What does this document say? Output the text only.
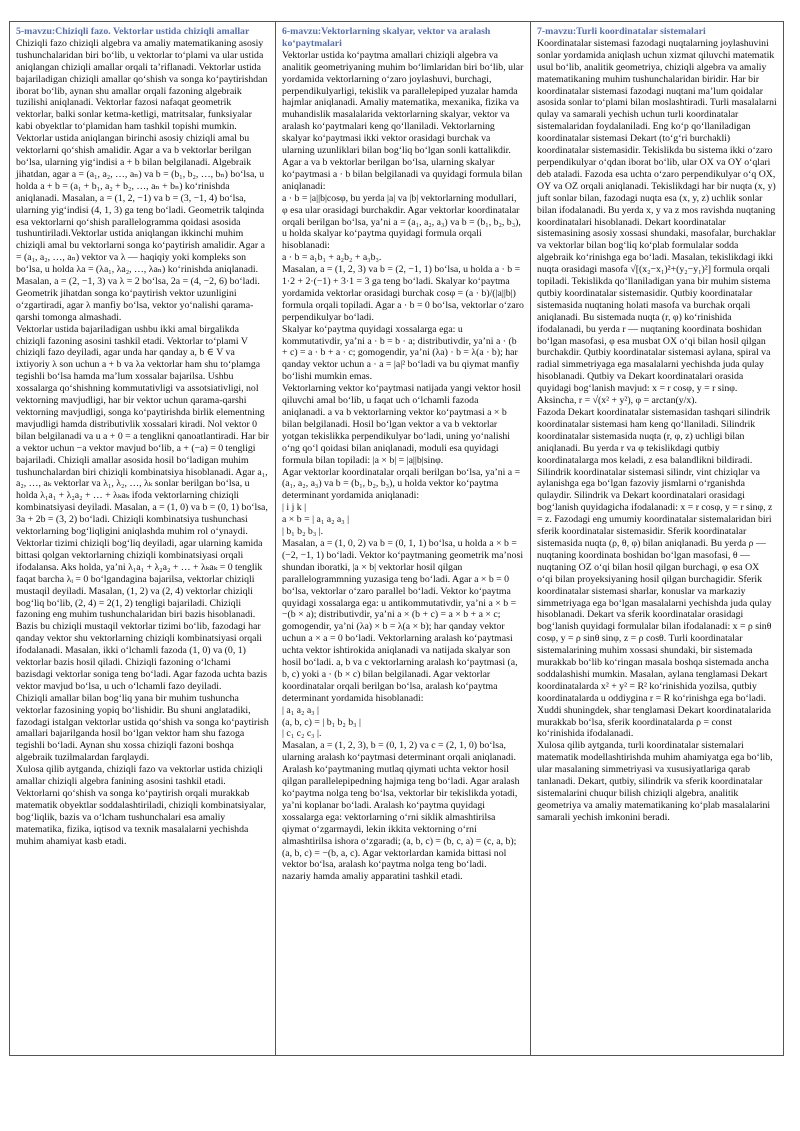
5-mavzu:Chiziqli fazo. Vektorlar ustida chiziqli amallar
Chiziqli fazo chiziqli algebra va amaliy matematikaning asosiy tushunchalaridan biri bo‘lib, u vektorlar to‘plami va ular ustida aniqlangan chiziqli amallar orqali ta’riflanadi. Vektorlar ustida bajariladigan chiziqli amallar qo‘shish va songa ko‘paytirishdan iborat bo‘lib, aynan shu amallar orqali fazoning algebraik tuzilishi aniqlanadi. Vektorlar fazosi nafaqat geometrik vektorlar, balki sonlar ketma-ketligi, matritsalar, funksiyalar kabi obyektlar to‘plamidan ham tashkil topishi mumkin. Vektorlar ustida aniqlangan birinchi asosiy chiziqli amal bu vektorlarni qo‘shish amalidir. Agar a va b vektorlar berilgan bo‘lsa, ularning yig‘indisi a + b bilan belgilanadi. Algebraik jihatdan, agar a = (a₁, a₂, …, aₙ) va b = (b₁, b₂, …, bₙ) bo‘lsa, u holda a + b = (a₁ + b₁, a₂ + b₂, …, aₙ + bₙ) ko‘rinishda aniqlanadi. Masalan, a = (1, 2, −1) va b = (3, −1, 4) bo‘lsa, ularning yig‘indisi (4, 1, 3) ga teng bo‘ladi. Geometrik talqinda esa vektorlarni qo‘shish parallelogramma qoidasi asosida tushuntiriladi.Vektorlar ustida aniqlangan ikkinchi muhim chiziqli amal bu vektorlarni songa ko‘paytirish amalidir. Agar a = (a₁, a₂, …, aₙ) vektor va λ — haqiqiy yoki kompleks son bo‘lsa, u holda λa = (λa₁, λa₂, …, λaₙ) ko‘rinishda aniqlanadi. Masalan, a = (2, −1, 3) va λ = 2 bo‘lsa, 2a = (4, −2, 6) bo‘ladi. Geometrik jihatdan songa ko‘paytirish vektor uzunligini o‘zgartiradi, agar λ manfiy bo‘lsa, vektor yo‘nalishi qarama-qarshi tomonga almashadi.
Vektorlar ustida bajariladigan ushbu ikki amal birgalikda chiziqli fazoning asosini tashkil etadi. Vektorlar to‘plami V chiziqli fazo deyiladi, agar unda har qanday a, b ∈ V va ixtiyoriy λ son uchun a + b va λa vektorlar ham shu to‘plamga tegishli bo‘lsa hamda ma’lum xossalar bajarilsa. Ushbu xossalarga qo‘shishning kommutativligi va assotsiativligi, nol vektorning mavjudligi, har bir vektor uchun qarama-qarshi vektorning mavjudligi, songa ko‘paytirishda birlik elementning mavjudligi hamda distributivlik xossalari kiradi. Nol vektor 0 bilan belgilanadi va u a + 0 = a tenglikni qanoatlantiradi. Har bir a vektor uchun −a vektor mavjud bo‘lib, a + (−a) = 0 tengligi bajariladi. Chiziqli amallar asosida hosil bo‘ladigan muhim tushunchalardan biri chiziqli kombinatsiya hisoblanadi. Agar a₁, a₂, …, aₖ vektorlar va λ₁, λ₂, …, λₖ sonlar berilgan bo‘lsa, u holda λ₁a₁ + λ₂a₂ + … + λₖaₖ ifoda vektorlarning chiziqli kombinatsiyasi deyiladi. Masalan, a = (1, 0) va b = (0, 1) bo‘lsa, 3a + 2b = (3, 2) bo‘ladi. Chiziqli kombinatsiya tushunchasi vektorlarning bog‘liqligini aniqlashda muhim rol o‘ynaydi. Vektorlar tizimi chiziqli bog‘liq deyiladi, agar ularning kamida bittasi qolgan vektorlarning chiziqli kombinatsiyasi orqali ifodalansa. Aks holda, ya’ni λ₁a₁ + λ₂a₂ + … + λₖaₖ = 0 tenglik faqat barcha λᵢ = 0 bo‘lgandagina bajarilsa, vektorlar chiziqli mustaqil deyiladi. Masalan, (1, 2) va (2, 4) vektorlar chiziqli bog‘liq bo‘lib, (2, 4) = 2(1, 2) tengligi bajariladi. Chiziqli fazoning eng muhim tushunchalaridan biri bazis hisoblanadi. Bazis bu chiziqli mustaqil vektorlar tizimi bo‘lib, fazodagi har qanday vektor shu vektorlarning chiziqli kombinatsiyasi orqali ifodalanadi. Masalan, ikki o‘lchamli fazoda (1, 0) va (0, 1) vektorlar bazis hosil qiladi. Chiziqli fazoning o‘lchami bazisdagi vektorlar soniga teng bo‘ladi. Agar fazoda uchta bazis vektor mavjud bo‘lsa, u uch o‘lchamli fazo deyiladi.
Chiziqli amallar bilan bog‘liq yana bir muhim tushuncha vektorlar fazosining yopiq bo‘lishidir. Bu shuni anglatadiki, fazodagi istalgan vektorlar ustida qo‘shish va songa ko‘paytirish amallari bajarilganda hosil bo‘lgan vektor ham shu fazoga tegishli bo‘ladi. Aynan shu xossa chiziqli fazoni boshqa algebraik tuzilmalardan farqlaydi.
Xulosa qilib aytganda, chiziqli fazo va vektorlar ustida chiziqli amallar chiziqli algebra fanining asosini tashkil etadi. Vektorlarni qo‘shish va songa ko‘paytirish orqali murakkab matematik obyektlar soddalashtiriladi, chiziqli kombinatsiyalar, bog‘liqlik, bazis va o‘lcham tushunchalari esa amaliy matematika, fizika, iqtisod va texnik masalalarni yechishda muhim ahamiyat kasb etadi.

6-mavzu:Vektorlarning skalyar, vektor va aralash ko‘paytmalari
Vektorlar ustida ko‘paytma amallari chiziqli algebra va analitik geometriyaning muhim bo‘limlaridan biri bo‘lib, ular yordamida vektorlarning o‘zaro joylashuvi, burchagi, perpendikulyarligi, tekislik va parallelepiped yuzalar hamda hajmlar aniqlanadi. Amaliy matematika, mexanika, fizika va muhandislik masalalarida vektorlarning skalyar, vektor va aralash ko‘paytmalari keng qo‘llaniladi. Vektorlarning skalyar ko‘paytmasi ikki vektor orasidagi burchak va ularning uzunliklari bilan bog‘liq bo‘lgan sonli kattalikdir. Agar a va b vektorlar berilgan bo‘lsa, ularning skalyar ko‘paytmasi a · b bilan belgilanadi va quyidagi formula bilan aniqlanadi:
a · b = |a||b|cosφ, bu yerda |a| va |b| vektorlarning modullari, φ esa ular orasidagi burchakdir. Agar vektorlar koordinatalar orqali berilgan bo‘lsa, ya’ni a = (a₁, a₂, a₃) va b = (b₁, b₂, b₃), u holda skalyar ko‘paytma quyidagi formula orqali hisoblanadi:
a · b = a₁b₁ + a₂b₂ + a₃b₃.
Masalan, a = (1, 2, 3) va b = (2, −1, 1) bo‘lsa, u holda a · b = 1·2 + 2·(−1) + 3·1 = 3 ga teng bo‘ladi. Skalyar ko‘paytma yordamida vektorlar orasidagi burchak cosφ = (a · b)/(|a||b|) formula orqali topiladi. Agar a · b = 0 bo‘lsa, vektorlar o‘zaro perpendikulyar bo‘ladi.
Skalyar ko‘paytma quyidagi xossalarga ega: u kommutativdir, ya’ni a · b = b · a; distributivdir, ya’ni a · (b + c) = a · b + a · c; gomogendir, ya’ni (λa) · b = λ(a · b); har qanday vektor uchun a · a = |a|² bo‘ladi va bu qiymat manfiy bo‘lishi mumkin emas.
Vektorlarning vektor ko‘paytmasi natijada yangi vektor hosil qiluvchi amal bo‘lib, u faqat uch o‘lchamli fazoda aniqlanadi. a va b vektorlarning vektor ko‘paytmasi a × b bilan belgilanadi. Hosil bo‘lgan vektor a va b vektorlar yotgan tekislikka perpendikulyar bo‘ladi, uning yo‘nalishi o‘ng qo‘l qoidasi bilan aniqlanadi, moduli esa quyidagi formula bilan topiladi: |a × b| = |a||b|sinφ.
Agar vektorlar koordinatalar orqali berilgan bo‘lsa, ya’ni a = (a₁, a₂, a₃) va b = (b₁, b₂, b₃), u holda vektor ko‘paytma determinant yordamida aniqlanadi:
| i j k |
a × b = | a₁ a₂ a₃ |
| b₁ b₂ b₃ |.
Masalan, a = (1, 0, 2) va b = (0, 1, 1) bo‘lsa, u holda a × b = (−2, −1, 1) bo‘ladi. Vektor ko‘paytmaning geometrik ma’nosi shundan iboratki, |a × b| vektorlar hosil qilgan parallelogrammning yuzasiga teng bo‘ladi. Agar a × b = 0 bo‘lsa, vektorlar o‘zaro parallel bo‘ladi. Vektor ko‘paytma quyidagi xossalarga ega: u antikommutativdir, ya’ni a × b = −(b × a); distributivdir, ya’ni a × (b + c) = a × b + a × c; gomogendir, ya’ni (λa) × b = λ(a × b); har qanday vektor uchun a × a = 0 bo‘ladi. Vektorlarning aralash ko‘paytmasi uchta vektor ishtirokida aniqlanadi va natijada skalyar son hosil bo‘ladi. a, b va c vektorlarning aralash ko‘paytmasi (a, b, c) yoki a · (b × c) bilan belgilanadi. Agar vektorlar koordinatalar orqali berilgan bo‘lsa, aralash ko‘paytma determinant yordamida hisoblanadi:
| a₁ a₂ a₃ |
(a, b, c) = | b₁ b₂ b₃ |
| c₁ c₂ c₃ |.
Masalan, a = (1, 2, 3), b = (0, 1, 2) va c = (2, 1, 0) bo‘lsa, ularning aralash ko‘paytmasi determinant orqali aniqlanadi. Aralash ko‘paytmaning mutlaq qiymati uchta vektor hosil qilgan parallelepipedning hajmiga teng bo‘ladi. Agar aralash ko‘paytma nolga teng bo‘lsa, vektorlar bir tekislikda yotadi, ya’ni koplanar bo‘ladi. Aralash ko‘paytma quyidagi xossalarga ega: vektorlarning o‘rni siklik almashtirilsa qiymat o‘zgarmaydi, lekin ikkita vektorning o‘rni almashtirilsa ishora o‘zgaradi; (a, b, c) = (b, c, a) = (c, a, b); (a, b, c) = −(b, a, c). Agar vektorlardan kamida bittasi nol vektor bo‘lsa, aralash ko‘paytma nolga teng bo‘ladi.
nazariy hamda amaliy apparatini tashkil etadi.

7-mavzu:Turli koordinatalar sistemalari
Koordinatalar sistemasi fazodagi nuqtalarning joylashuvini sonlar yordamida aniqlash uchun xizmat qiluvchi matematik usul bo‘lib, analitik geometriya, chiziqli algebra va amaliy matematikaning muhim tushunchalaridan biridir. Har bir koordinatalar sistemasi fazodagi nuqtani ma’lum qoidalar asosida sonlar to‘plami bilan moslashtiradi. Turli masalalarni qulay va samarali yechish uchun turli koordinatalar sistemalaridan foydalaniladi. Eng ko‘p qo‘llaniladigan koordinatalar sistemasi Dekart (to‘g‘ri burchakli) koordinatalar sistemasidir. Tekislikda bu sistema ikki o‘zaro perpendikulyar o‘qdan iborat bo‘lib, ular OX va OY o‘qlari deb ataladi. Fazoda esa uchta o‘zaro perpendikulyar o‘q OX, OY va OZ orqali aniqlanadi. Tekislikdagi har bir nuqta (x, y) juft sonlar bilan, fazodagi nuqta esa (x, y, z) uchlik sonlar bilan ifodalanadi. Bu yerda x, y va z mos ravishda nuqtaning koordinatalari hisoblanadi. Dekart koordinatalar sistemasining asosiy xossasi shundaki, masofalar, burchaklar va vektorlar bilan bog‘liq ko‘plab formulalar sodda algebraik ko‘rinishga ega bo‘ladi. Masalan, tekislikdagi ikki nuqta orasidagi masofa √[(x₂−x₁)²+(y₂−y₁)²] formula orqali topiladi. Tekislikda qo‘llaniladigan yana bir muhim sistema qutbiy koordinatalar sistemasidir. Qutbiy koordinatalar sistemasida nuqtaning holati masofa va burchak orqali aniqlanadi. Bu sistemada nuqta (r, φ) ko‘rinishida ifodalanadi, bu yerda r — nuqtaning koordinata boshidan bo‘lgan masofasi, φ esa musbat OX o‘qi bilan hosil qilgan burchakdir. Qutbiy koordinatalar sistemasi aylana, spiral va radial simmetriyaga ega masalalarni yechishda juda qulay hisoblanadi. Qutbiy va Dekart koordinatalari orasida quyidagi bog‘lanish mavjud: x = r cosφ, y = r sinφ. Aksincha, r = √(x² + y²), φ = arctan(y/x).
Fazoda Dekart koordinatalar sistemasidan tashqari silindrik koordinatalar sistemasi ham keng qo‘llaniladi. Silindrik koordinatalar sistemasida nuqta (r, φ, z) uchligi bilan aniqlanadi. Bu yerda r va φ tekislikdagi qutbiy koordinatalarga mos keladi, z esa balandlikni bildiradi. Silindrik koordinatalar sistemasi silindr, vint chiziqlar va aylanishga ega bo‘lgan fazoviy jismlarni o‘rganishda qulaydir. Silindrik va Dekart koordinatalari orasidagi bog‘lanish quyidagicha ifodalanadi: x = r cosφ, y = r sinφ, z = z. Fazodagi eng umumiy koordinatalar sistemalaridan biri sferik koordinatalar sistemasidir. Sferik koordinatalar sistemasida nuqta (ρ, θ, φ) bilan aniqlanadi. Bu yerda ρ — nuqtaning koordinata boshidan bo‘lgan masofasi, θ — nuqtaning OZ o‘qi bilan hosil qilgan burchagi, φ esa OX o‘qi bilan proyeksiyaning hosil qilgan burchagidir. Sferik koordinatalar sistemasi sharlar, konuslar va markaziy simmetriyaga ega bo‘lgan masalalarni yechishda juda qulay hisoblanadi. Dekart va sferik koordinatalar orasidagi bog‘lanish quyidagi formulalar bilan ifodalanadi: x = ρ sinθ cosφ, y = ρ sinθ sinφ, z = ρ cosθ. Turli koordinatalar sistemalarining muhim xossasi shundaki, bir sistemada murakkab bo‘lib ko‘ringan masala boshqa sistemada ancha soddalashishi mumkin. Masalan, aylana tenglamasi Dekart koordinatalarda x² + y² = R² ko‘rinishida yozilsa, qutbiy koordinatalarda u oddiygina r = R ko‘rinishga ega bo‘ladi. Xuddi shuningdek, shar tenglamasi Dekart koordinatalarida murakkab bo‘lsa, sferik koordinatalarda ρ = const ko‘rinishida ifodalanadi.
Xulosa qilib aytganda, turli koordinatalar sistemalari matematik modellashtirishda muhim ahamiyatga ega bo‘lib, ular masalaning simmetriyasi va xususiyatlariga qarab tanlanadi. Dekart, qutbiy, silindrik va sferik koordinatalar sistemalarini chuqur bilish chiziqli algebra, analitik geometriya va amaliy matematikaning ko‘plab masalalarini samarali yechish imkonini beradi.
